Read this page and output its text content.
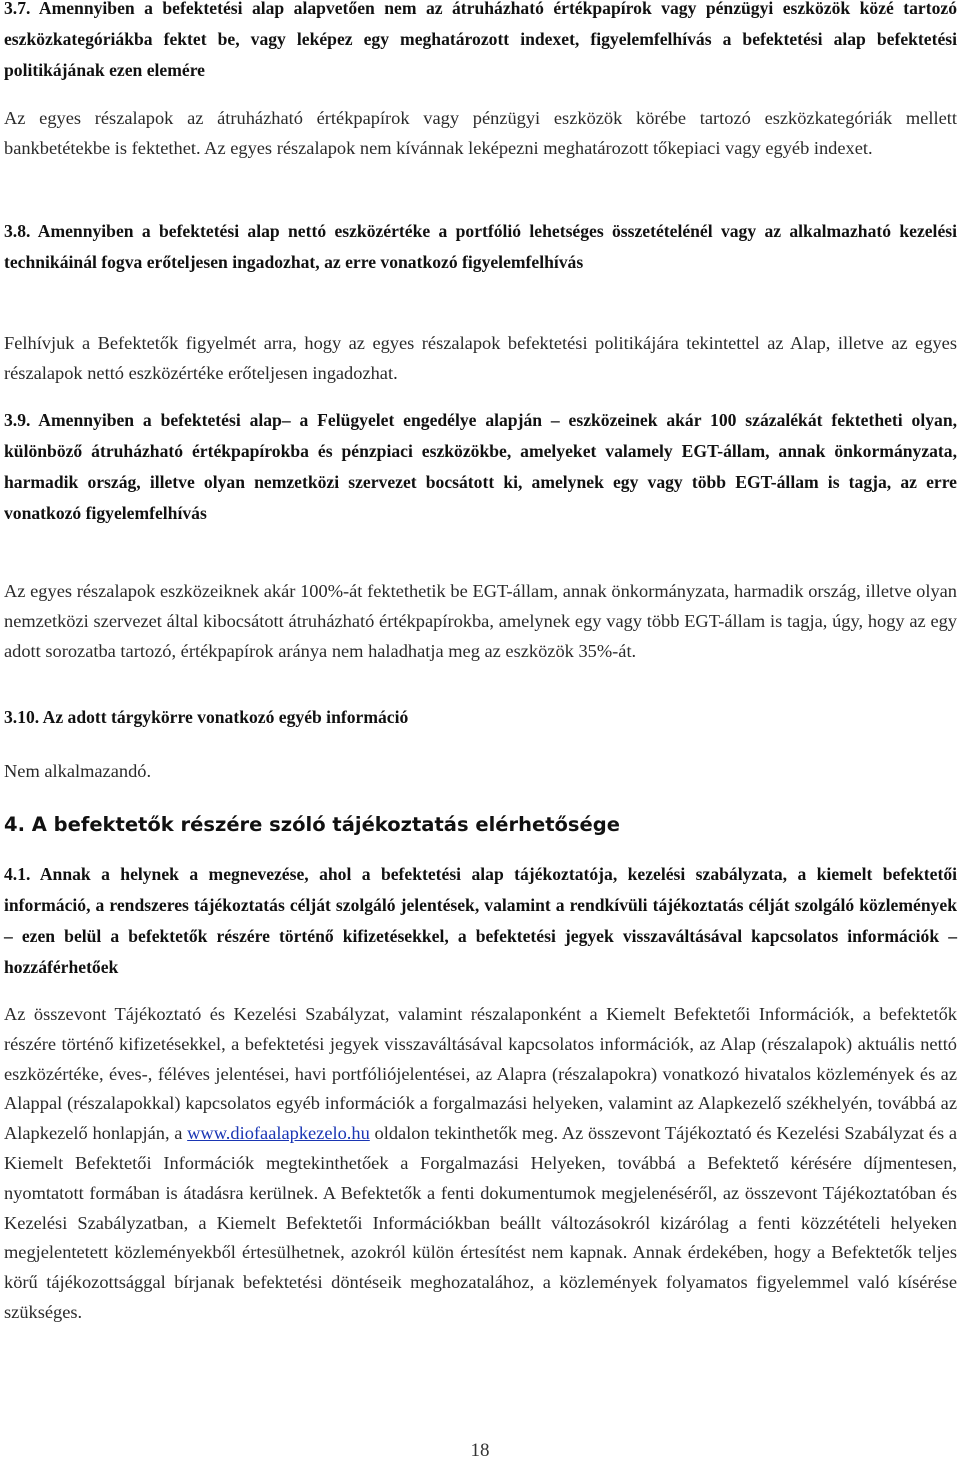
3.7. Amennyiben a befektetési alap alapvetően nem az átruházható értékpapírok vagy pénzügyi eszközök közé tartozó eszközkategóriákba fektet be, vagy leképez egy meghatározott indexet, figyelemfelhívás a befektetési alap befektetési politikájának ezen elemére

Az egyes részalapok az átruházható értékpapírok vagy pénzügyi eszközök körébe tartozó eszközkategóriák mellett bankbetétekbe is fektethet. Az egyes részalapok nem kívánnak leképezni meghatározott tőkepiaci vagy egyéb indexet.

3.8. Amennyiben a befektetési alap nettó eszközértéke a portfólió lehetséges összetételénél vagy az alkalmazható kezelési technikáinál fogva erőteljesen ingadozhat, az erre vonatkozó figyelemfelhívás

Felhívjuk a Befektetők figyelmét arra, hogy az egyes részalapok befektetési politikájára tekintettel az Alap, illetve az egyes részalapok nettó eszközértéke erőteljesen ingadozhat.

3.9. Amennyiben a befektetési alap– a Felügyelet engedélye alapján – eszközeinek akár 100 százalékát fektetheti olyan, különböző átruházható értékpapírokba és pénzpiaci eszközökbe, amelyeket valamely EGT-állam, annak önkormányzata, harmadik ország, illetve olyan nemzetközi szervezet bocsátott ki, amelynek egy vagy több EGT-állam is tagja, az erre vonatkozó figyelemfelhívás

Az egyes részalapok eszközeiknek akár 100%-át fektethetik be EGT-állam, annak önkormányzata, harmadik ország, illetve olyan nemzetközi szervezet által kibocsátott átruházható értékpapírokba, amelynek egy vagy több EGT-állam is tagja, úgy, hogy az egy adott sorozatba tartozó, értékpapírok aránya nem haladhatja meg az eszközök 35%-át.

3.10. Az adott tárgykörre vonatkozó egyéb információ

Nem alkalmazandó.

4. A befektetők részére szóló tájékoztatás elérhetősége

4.1. Annak a helynek a megnevezése, ahol a befektetési alap tájékoztatója, kezelési szabályzata, a kiemelt befektetői információ, a rendszeres tájékoztatás célját szolgáló jelentések, valamint a rendkívüli tájékoztatás célját szolgáló közlemények – ezen belül a befektetők részére történő kifizetésekkel, a befektetési jegyek visszaváltásával kapcsolatos információk – hozzáférhetőek

Az összevont Tájékoztató és Kezelési Szabályzat, valamint részalaponként a Kiemelt Befektetői Információk, a befektetők részére történő kifizetésekkel, a befektetési jegyek visszaváltásával kapcsolatos információk, az Alap (részalapok) aktuális nettó eszközértéke, éves-, féléves jelentései, havi portfóliójelentései, az Alapra (részalapokra) vonatkozó hivatalos közlemények és az Alappal (részalapokkal) kapcsolatos egyéb információk a forgalmazási helyeken, valamint az Alapkezelő székhelyén, továbbá az Alapkezelő honlapján, a www.diofaalapkezelo.hu oldalon tekinthetők meg. Az összevont Tájékoztató és Kezelési Szabályzat és a Kiemelt Befektetői Információk megtekinthetőek a Forgalmazási Helyeken, továbbá a Befektető kérésére díjmentesen, nyomtatott formában is átadásra kerülnek. A Befektetők a fenti dokumentumok megjelenéséről, az összevont Tájékoztatóban és Kezelési Szabályzatban, a Kiemelt Befektetői Információkban beállt változásokról kizárólag a fenti közzétételi helyeken megjelentetett közleményekből értesülhetnek, azokról külön értesítést nem kapnak. Annak érdekében, hogy a Befektetők teljes körű tájékozottsággal bírjanak befektetési döntéseik meghozatalához, a közlemények folyamatos figyelemmel való kísérése szükséges.

18
